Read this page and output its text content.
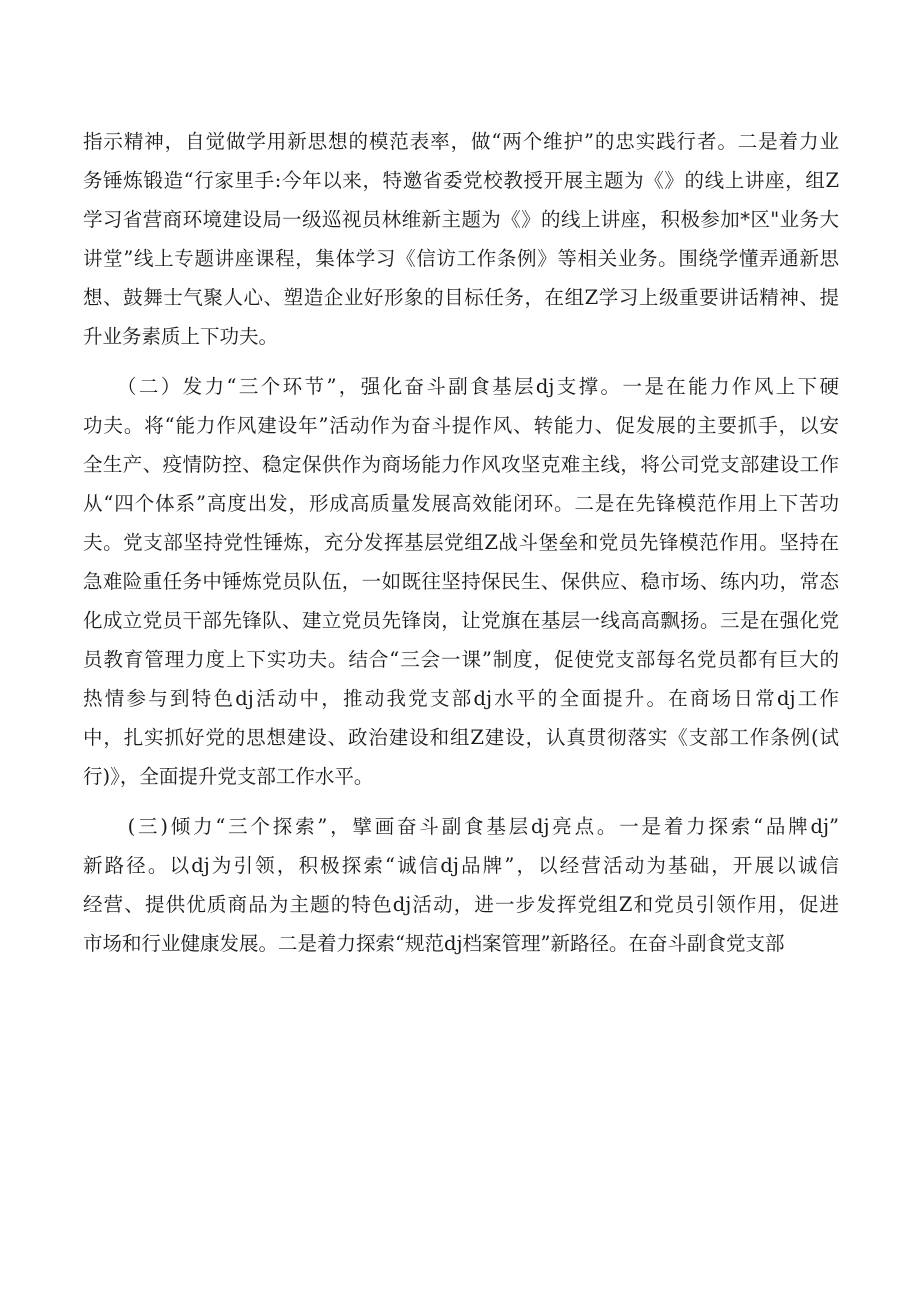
指示精神，自觉做学用新思想的模范表率，做“两个维护”的忠实践行者。二是着力业
务锤炼锻造“行家里手:今年以来，特邀省委党校教授开展主题为《》的线上讲座，组Z
学习省营商环境建设局一级巡视员林维新主题为《》的线上讲座，积极参加*区"业务大
讲堂”线上专题讲座课程，集体学习《信访工作条例》等相关业务。围绕学懂弄通新思
想、鼓舞士气聚人心、塑造企业好形象的目标任务，在组Z学习上级重要讲话精神、提
升业务素质上下功夫。
　　（二）发力“三个环节”，强化奋斗副食基层dj支撑。一是在能力作风上下硬
功夫。将“能力作风建设年”活动作为奋斗提作风、转能力、促发展的主要抓手，以安
全生产、疫情防控、稳定保供作为商场能力作风攻坚克难主线，将公司党支部建设工作
从“四个体系”高度出发，形成高质量发展高效能闭环。二是在先锋模范作用上下苦功
夫。党支部坚持党性锤炼，充分发挥基层党组Z战斗堡垒和党员先锋模范作用。坚持在
急难险重任务中锤炼党员队伍，一如既往坚持保民生、保供应、稳市场、练内功，常态
化成立党员干部先锋队、建立党员先锋岗，让党旗在基层一线高高飘扬。三是在强化党
员教育管理力度上下实功夫。结合“三会一课”制度，促使党支部每名党员都有巨大的
热情参与到特色dj活动中，推动我党支部dj水平的全面提升。在商场日常dj工作
中，扎实抓好党的思想建设、政治建设和组Z建设，认真贯彻落实《支部工作条例(试
行)》，全面提升党支部工作水平。
　　(三)倾力“三个探索”，擘画奋斗副食基层dj亮点。一是着力探索“品牌dj”
新路径。以dj为引领，积极探索“诚信dj品牌”，以经营活动为基础，开展以诚信
经营、提供优质商品为主题的特色dj活动，进一步发挥党组Z和党员引领作用，促进
市场和行业健康发展。二是着力探索“规范dj档案管理”新路径。在奋斗副食党支部
